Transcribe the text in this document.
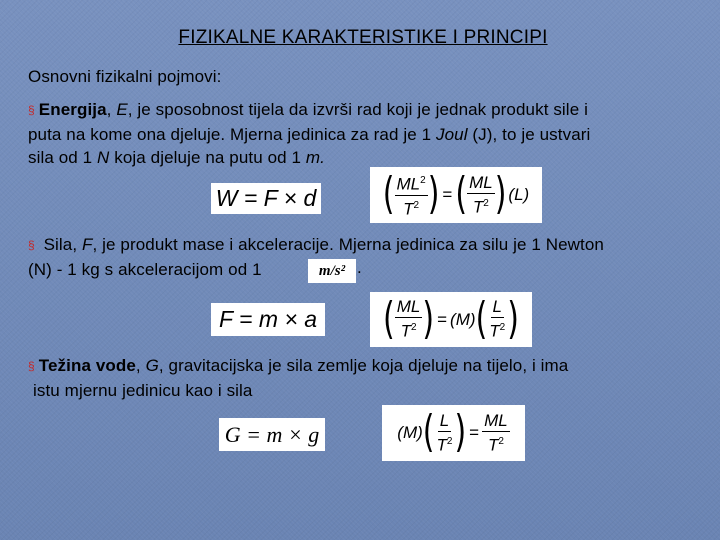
FIZIKALNE KARAKTERISTIKE I PRINCIPI
Osnovni fizikalni pojmovi:
§ Energija, E, je sposobnost tijela da izvrši rad koji je jednak produkt sile i
puta na kome ona djeluje. Mjerna jedinica za rad je 1 Joul (J), to je ustvari
sila od 1 N koja djeluje na putu od 1 m.
W = F × d ( $\frac{ML^2}{T^2}$ ) = ( $\frac{ML}{T^2}$ ) (L)
§ Sila, F, je produkt mase i akceleracije. Mjerna jedinica za silu je 1 Newton
(N) - 1 kg s akceleracijom od 1	m/s² .
F = m × a ( $\frac{ML}{T^2}$ ) = (M) ( $\frac{L}{T^2}$ )
§ Težina vode, G, gravitacijska je sila zemlje koja djeluje na tijelo, i ima
istu mjernu jedinicu kao i sila
G = m × g	(M) ( $\frac{L}{T^2}$ ) = $\frac{ML}{T^2}$
